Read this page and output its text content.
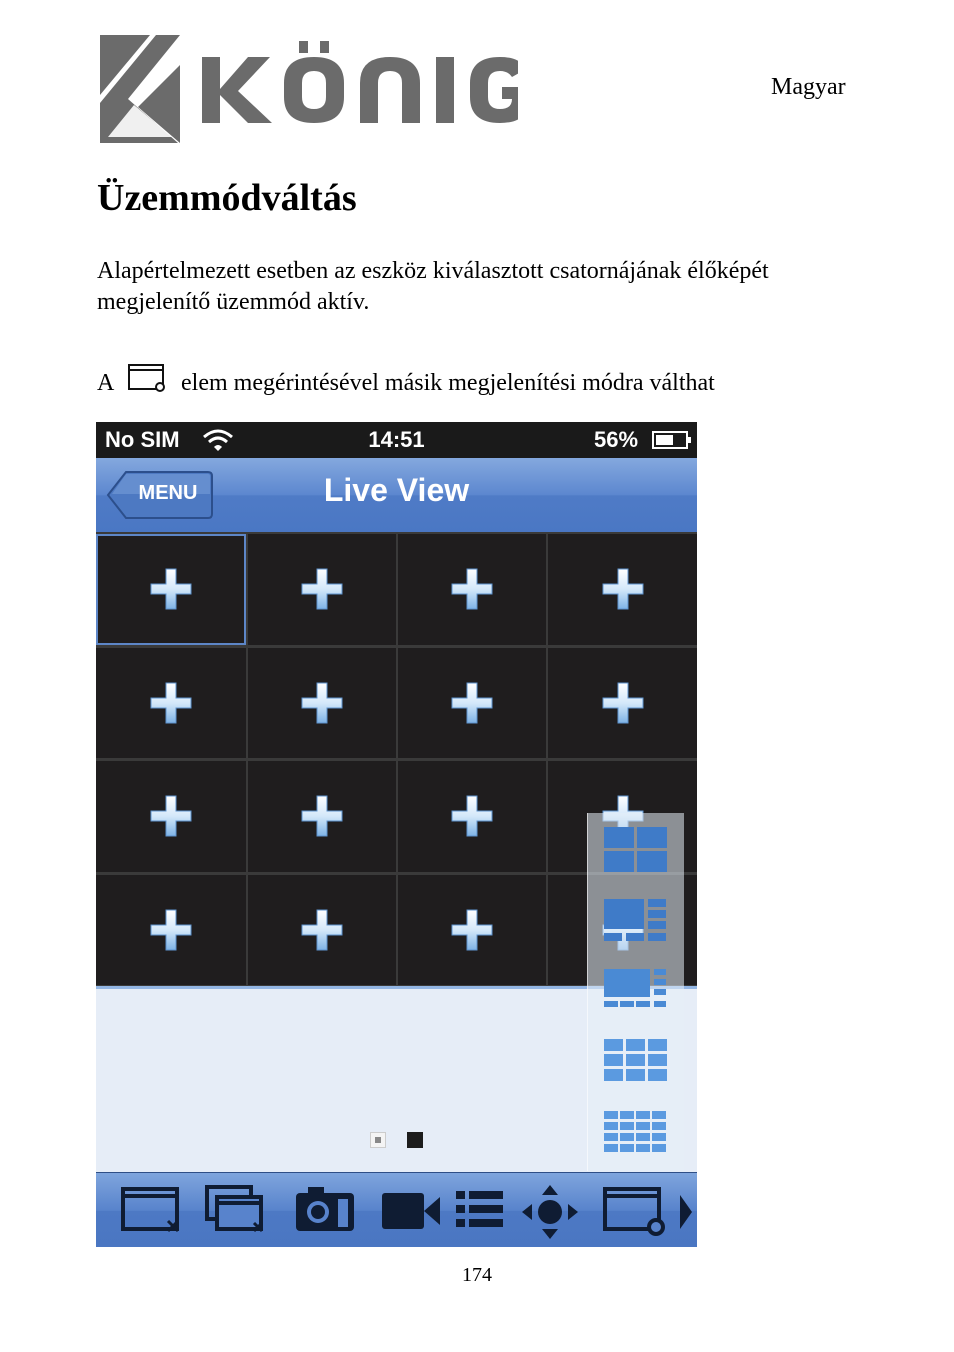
Magyar
Üzemmódváltás
Alapértelmezett esetben az eszköz kiválasztott csatornájának élőképét megjelenítő üzemmód aktív.
A	elem megérintésével másik megjelenítési módra válthat
No SIM	14:51	56%
MENU	Live View
174
